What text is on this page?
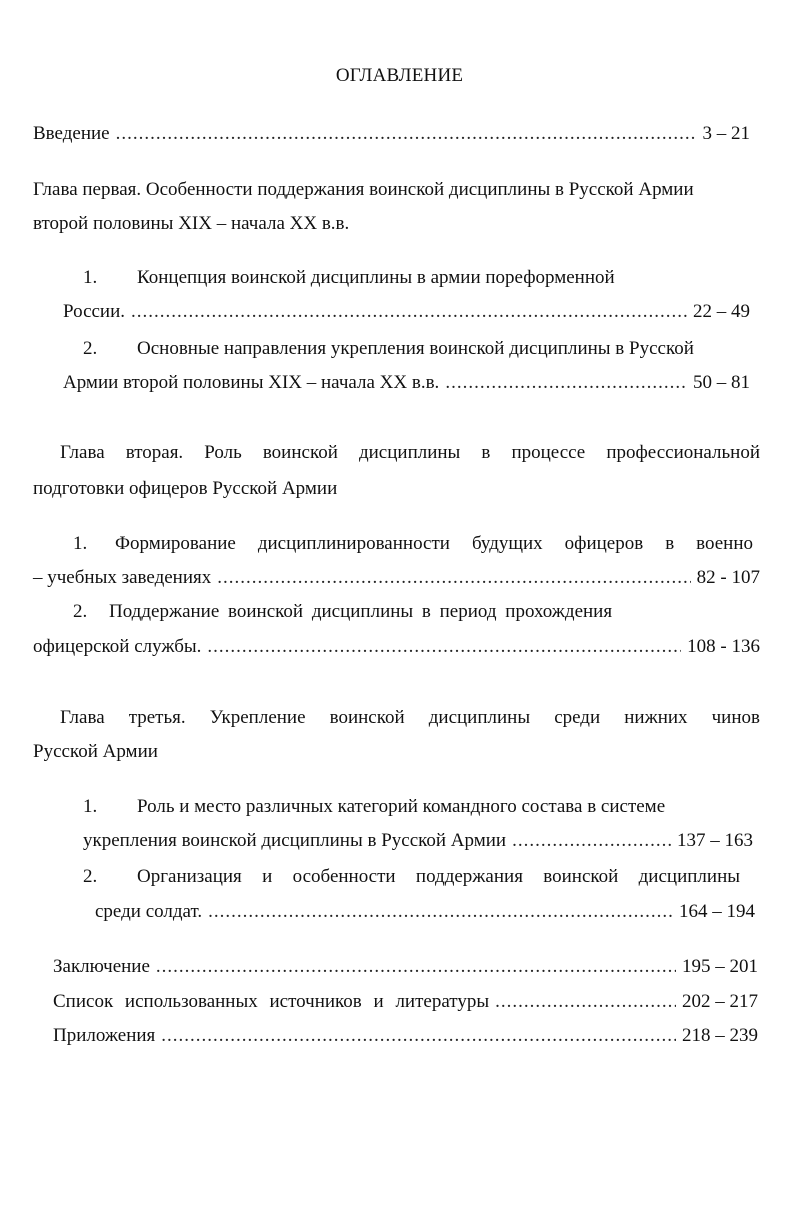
ОГЛАВЛЕНИЕ
Введение .....	3 – 21
Глава первая. Особенности поддержания воинской дисциплины в Русской Армии
второй половины XIX – начала XX в.в.
1. Концепция воинской дисциплины в армии пореформенной
России. .....	22 – 49
2. Основные направления укрепления воинской дисциплины в Русской
Армии второй половины XIX – начала XX в.в. .....	50 – 81
Глава вторая. Роль воинской дисциплины в процессе профессиональной
подготовки офицеров Русской Армии
1.	Формирование дисциплинированности будущих офицеров в военно
– учебных заведениях .....	82 - 107
2. Поддержание воинской дисциплины в период прохождения
офицерской службы. .....	108 - 136
Глава третья. Укрепление воинской дисциплины среди нижних чинов
Русской Армии
1. Роль и место различных категорий командного состава в системе
укрепления воинской дисциплины в Русской Армии .....	137 – 163
2.	Организация и особенности поддержания воинской дисциплины
среди солдат. .....	164 – 194
Заключение .....	195 – 201
Список использованных источников и литературы .....	202 – 217
Приложения .....	218 – 239
